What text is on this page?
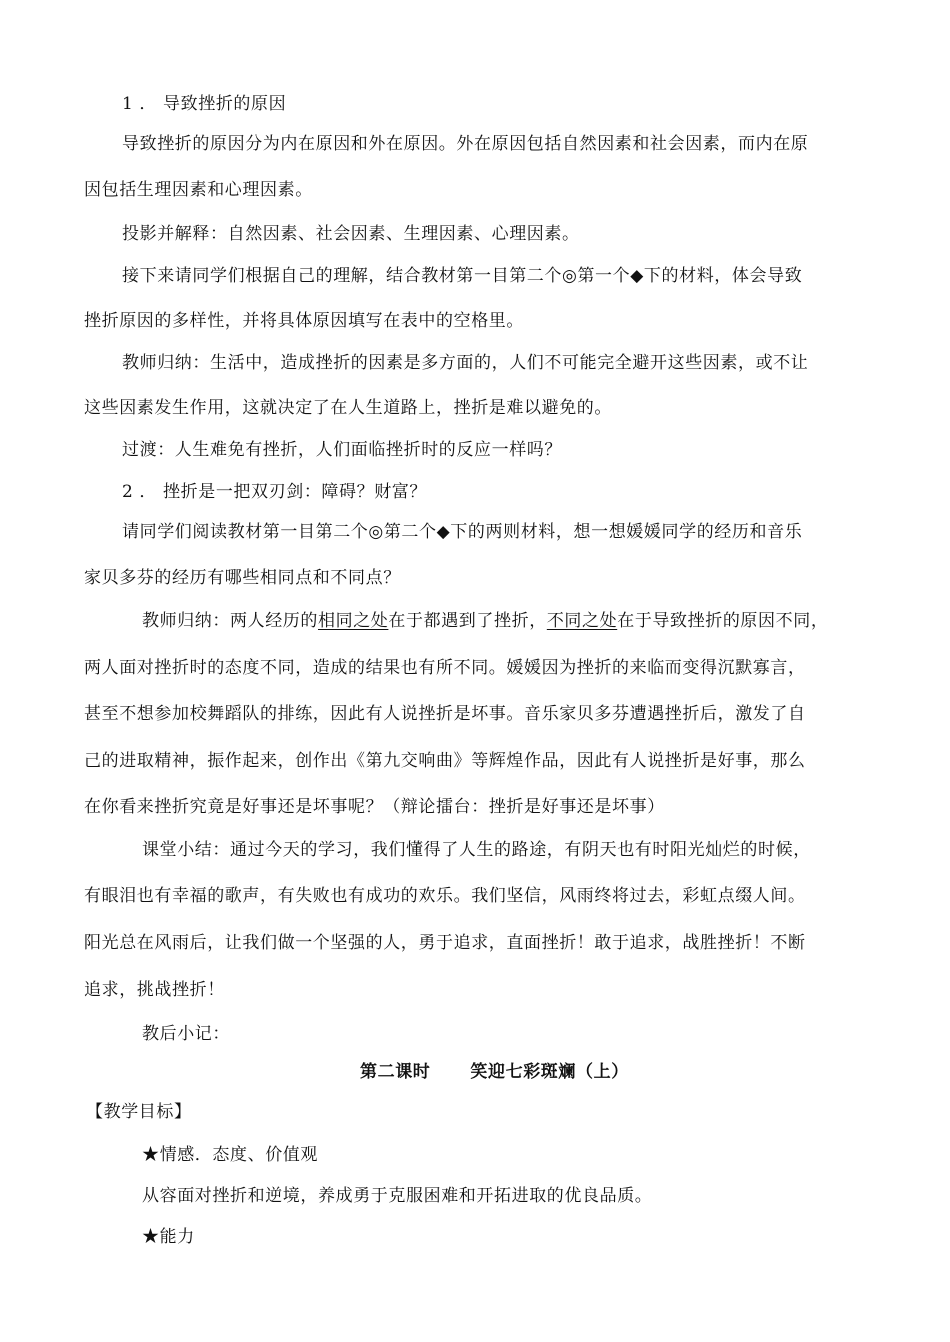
1 ． 导致挫折的原因
导致挫折的原因分为内在原因和外在原因。外在原因包括自然因素和社会因素，而内在原
因包括生理因素和心理因素。
投影并解释：自然因素、社会因素、生理因素、心理因素。
接下来请同学们根据自己的理解，结合教材第一目第二个◎第一个◆下的材料，体会导致
挫折原因的多样性，并将具体原因填写在表中的空格里。
教师归纳：生活中，造成挫折的因素是多方面的，人们不可能完全避开这些因素，或不让
这些因素发生作用，这就决定了在人生道路上，挫折是难以避免的。
过渡：人生难免有挫折，人们面临挫折时的反应一样吗？
2 ． 挫折是一把双刃剑：障碍？财富？
请同学们阅读教材第一目第二个◎第二个◆下的两则材料，想一想媛媛同学的经历和音乐
家贝多芬的经历有哪些相同点和不同点？
教师归纳：两人经历的相同之处在于都遇到了挫折，不同之处在于导致挫折的原因不同，
两人面对挫折时的态度不同，造成的结果也有所不同。媛媛因为挫折的来临而变得沉默寡言，
甚至不想参加校舞蹈队的排练，因此有人说挫折是坏事。音乐家贝多芬遭遇挫折后，激发了自
己的进取精神，振作起来，创作出《第九交响曲》等辉煌作品，因此有人说挫折是好事，那么
在你看来挫折究竟是好事还是坏事呢？（辩论擂台：挫折是好事还是坏事）
课堂小结：通过今天的学习，我们懂得了人生的路途，有阴天也有时阳光灿烂的时候，
有眼泪也有幸福的歌声，有失败也有成功的欢乐。我们坚信，风雨终将过去，彩虹点缀人间。
阳光总在风雨后，让我们做一个坚强的人，勇于追求，直面挫折！敢于追求，战胜挫折！不断
追求，挑战挫折！
教后小记：
第二课时 笑迎七彩斑斓（上）
【教学目标】
★情感．态度、价值观
从容面对挫折和逆境，养成勇于克服困难和开拓进取的优良品质。
★能力
